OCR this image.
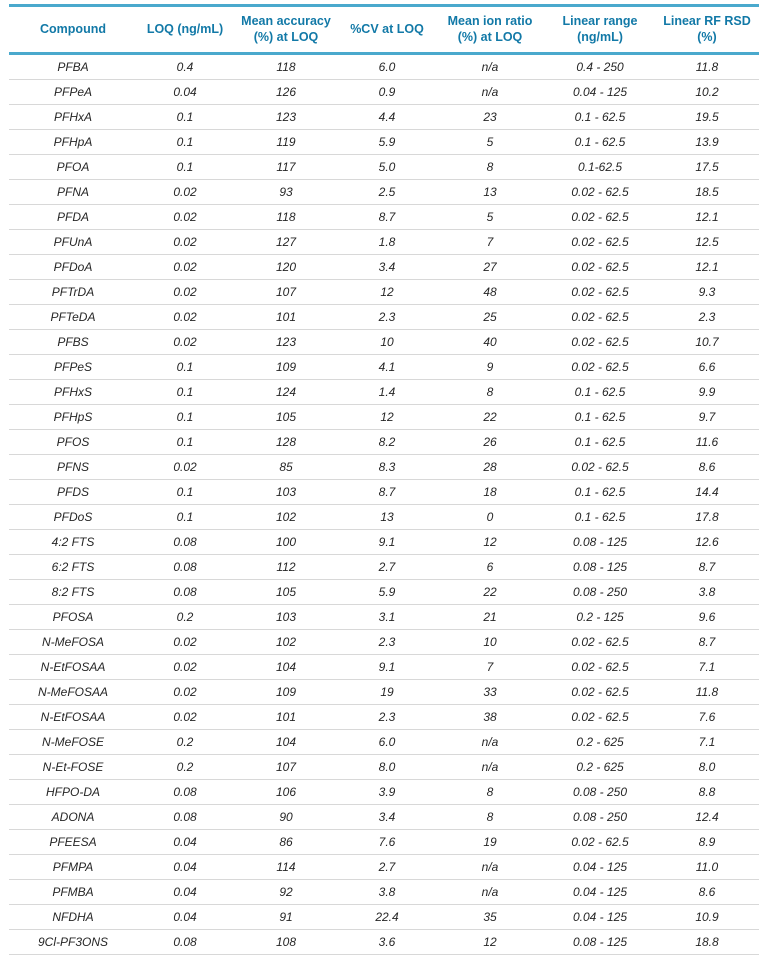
Compound	LOQ (ng/mL)	Mean accuracy (%) at LOQ	%CV at LOQ	Mean ion ratio (%) at LOQ	Linear range (ng/mL)	Linear RF RSD (%)
PFBA	0.4	118	6.0	n/a	0.4 - 250	11.8
PFPeA	0.04	126	0.9	n/a	0.04 - 125	10.2
PFHxA	0.1	123	4.4	23	0.1 - 62.5	19.5
PFHpA	0.1	119	5.9	5	0.1 - 62.5	13.9
PFOA	0.1	117	5.0	8	0.1-62.5	17.5
PFNA	0.02	93	2.5	13	0.02 - 62.5	18.5
PFDA	0.02	118	8.7	5	0.02 - 62.5	12.1
PFUnA	0.02	127	1.8	7	0.02 - 62.5	12.5
PFDoA	0.02	120	3.4	27	0.02 - 62.5	12.1
PFTrDA	0.02	107	12	48	0.02 - 62.5	9.3
PFTeDA	0.02	101	2.3	25	0.02 - 62.5	2.3
PFBS	0.02	123	10	40	0.02 - 62.5	10.7
PFPeS	0.1	109	4.1	9	0.02 - 62.5	6.6
PFHxS	0.1	124	1.4	8	0.1 - 62.5	9.9
PFHpS	0.1	105	12	22	0.1 - 62.5	9.7
PFOS	0.1	128	8.2	26	0.1 - 62.5	11.6
PFNS	0.02	85	8.3	28	0.02 - 62.5	8.6
PFDS	0.1	103	8.7	18	0.1 - 62.5	14.4
PFDoS	0.1	102	13	0	0.1 - 62.5	17.8
4:2 FTS	0.08	100	9.1	12	0.08 - 125	12.6
6:2 FTS	0.08	112	2.7	6	0.08 - 125	8.7
8:2 FTS	0.08	105	5.9	22	0.08 - 250	3.8
PFOSA	0.2	103	3.1	21	0.2 - 125	9.6
N-MeFOSA	0.02	102	2.3	10	0.02 - 62.5	8.7
N-EtFOSAA	0.02	104	9.1	7	0.02 - 62.5	7.1
N-MeFOSAA	0.02	109	19	33	0.02 - 62.5	11.8
N-EtFOSAA	0.02	101	2.3	38	0.02 - 62.5	7.6
N-MeFOSE	0.2	104	6.0	n/a	0.2 - 625	7.1
N-Et-FOSE	0.2	107	8.0	n/a	0.2 - 625	8.0
HFPO-DA	0.08	106	3.9	8	0.08 - 250	8.8
ADONA	0.08	90	3.4	8	0.08 - 250	12.4
PFEESA	0.04	86	7.6	19	0.02 - 62.5	8.9
PFMPA	0.04	114	2.7	n/a	0.04 - 125	11.0
PFMBA	0.04	92	3.8	n/a	0.04 - 125	8.6
NFDHA	0.04	91	22.4	35	0.04 - 125	10.9
9Cl-PF3ONS	0.08	108	3.6	12	0.08 - 125	18.8
